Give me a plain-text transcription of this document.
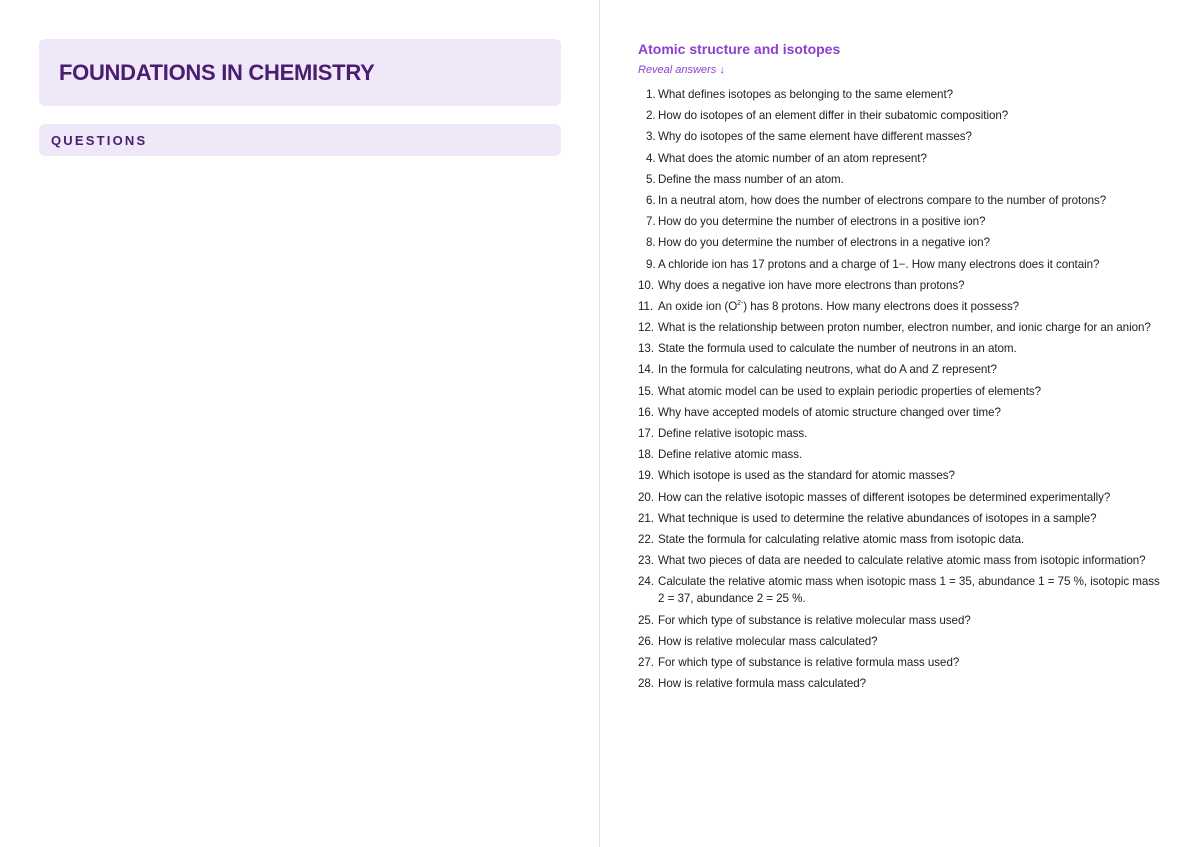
FOUNDATIONS IN CHEMISTRY
QUESTIONS
Atomic structure and isotopes
Reveal answers ↓
1. What defines isotopes as belonging to the same element?
2. How do isotopes of an element differ in their subatomic composition?
3. Why do isotopes of the same element have different masses?
4. What does the atomic number of an atom represent?
5. Define the mass number of an atom.
6. In a neutral atom, how does the number of electrons compare to the number of protons?
7. How do you determine the number of electrons in a positive ion?
8. How do you determine the number of electrons in a negative ion?
9. A chloride ion has 17 protons and a charge of 1−. How many electrons does it contain?
10. Why does a negative ion have more electrons than protons?
11. An oxide ion $(O^{2-})$ has 8 protons. How many electrons does it possess?
12. What is the relationship between proton number, electron number, and ionic charge for an anion?
13. State the formula used to calculate the number of neutrons in an atom.
14. In the formula for calculating neutrons, what do A and Z represent?
15. What atomic model can be used to explain periodic properties of elements?
16. Why have accepted models of atomic structure changed over time?
17. Define relative isotopic mass.
18. Define relative atomic mass.
19. Which isotope is used as the standard for atomic masses?
20. How can the relative isotopic masses of different isotopes be determined experimentally?
21. What technique is used to determine the relative abundances of isotopes in a sample?
22. State the formula for calculating relative atomic mass from isotopic data.
23. What two pieces of data are needed to calculate relative atomic mass from isotopic information?
24. Calculate the relative atomic mass when isotopic mass 1 = 35, abundance 1 = 75 %, isotopic mass 2 = 37, abundance 2 = 25 %.
25. For which type of substance is relative molecular mass used?
26. How is relative molecular mass calculated?
27. For which type of substance is relative formula mass used?
28. How is relative formula mass calculated?
